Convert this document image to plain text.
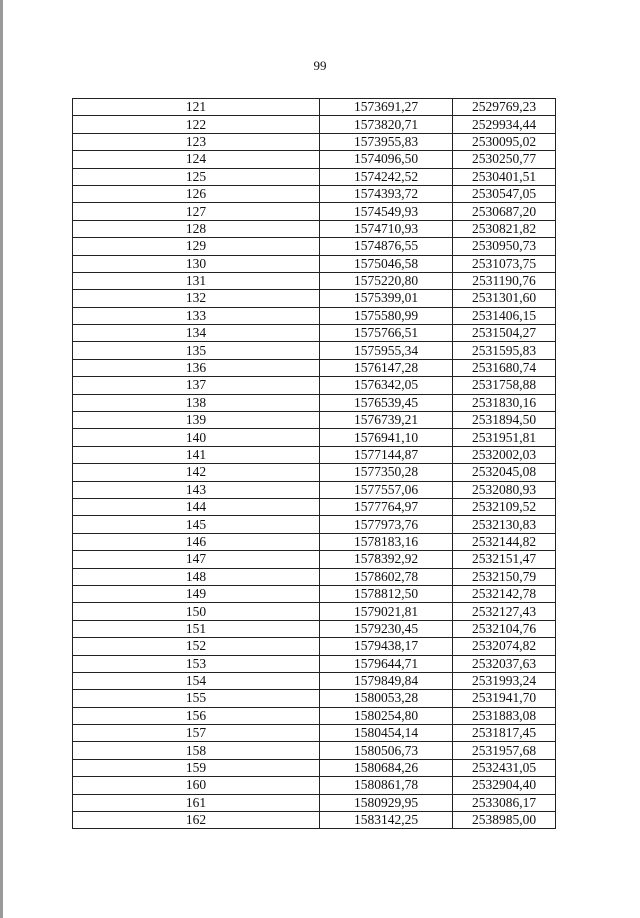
99
121	1573691,27	2529769,23
122	1573820,71	2529934,44
123	1573955,83	2530095,02
124	1574096,50	2530250,77
125	1574242,52	2530401,51
126	1574393,72	2530547,05
127	1574549,93	2530687,20
128	1574710,93	2530821,82
129	1574876,55	2530950,73
130	1575046,58	2531073,75
131	1575220,80	2531190,76
132	1575399,01	2531301,60
133	1575580,99	2531406,15
134	1575766,51	2531504,27
135	1575955,34	2531595,83
136	1576147,28	2531680,74
137	1576342,05	2531758,88
138	1576539,45	2531830,16
139	1576739,21	2531894,50
140	1576941,10	2531951,81
141	1577144,87	2532002,03
142	1577350,28	2532045,08
143	1577557,06	2532080,93
144	1577764,97	2532109,52
145	1577973,76	2532130,83
146	1578183,16	2532144,82
147	1578392,92	2532151,47
148	1578602,78	2532150,79
149	1578812,50	2532142,78
150	1579021,81	2532127,43
151	1579230,45	2532104,76
152	1579438,17	2532074,82
153	1579644,71	2532037,63
154	1579849,84	2531993,24
155	1580053,28	2531941,70
156	1580254,80	2531883,08
157	1580454,14	2531817,45
158	1580506,73	2531957,68
159	1580684,26	2532431,05
160	1580861,78	2532904,40
161	1580929,95	2533086,17
162	1583142,25	2538985,00
